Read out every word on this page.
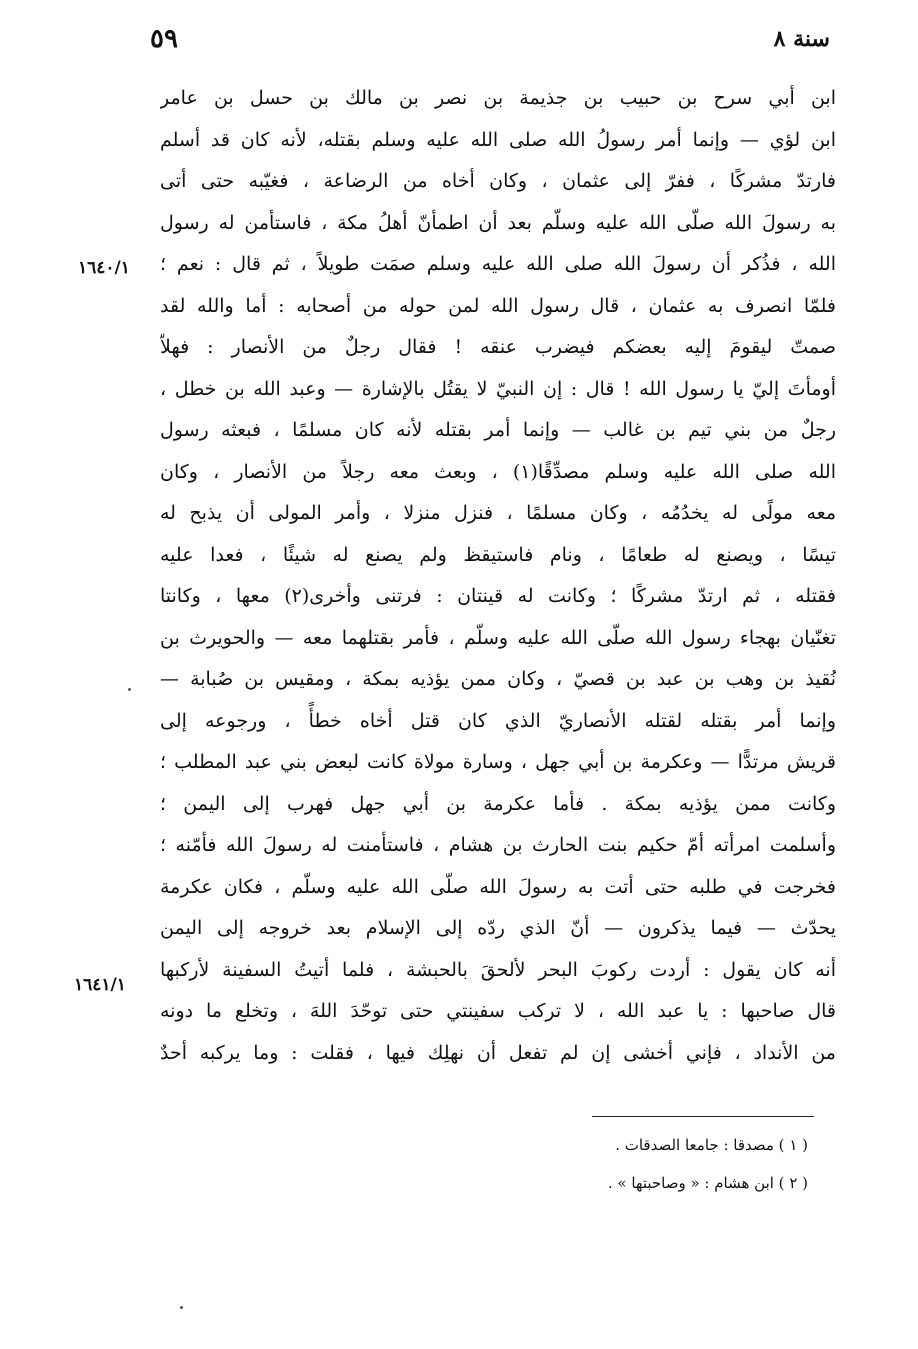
٥٩	سنة ٨
ابن أبي سرح بن حبيب بن جذيمة بن نصر بن مالك بن حسل بن عامر
ابن لؤي — وإنما أمر رسولُ الله صلى الله عليه وسلم بقتله، لأنه كان قد أسلم
فارتدّ مشركًا ، ففرّ إلى عثمان ، وكان أخاه من الرضاعة ، فغيّبه حتى أتى
به رسولَ الله صلّى الله عليه وسلّم بعد أن اطمأنّ أهلُ مكة ، فاستأمن له رسول
الله ، فذُكر أن رسولَ الله صلى الله عليه وسلم صمَت طويلاً ، ثم قال : نعم ؛
فلمّا انصرف به عثمان ، قال رسول الله لمن حوله من أصحابه : أما والله لقد
صمتّ ليقومَ إليه بعضكم فيضرب عنقه ! فقال رجلٌ من الأنصار : فهلاّ
أومأتَ إليّ يا رسول الله ! قال : إن النبيّ لا يقتُل بالإشارة — وعبد الله بن خطل ،
رجلٌ من بني تيم بن غالب — وإنما أمر بقتله لأنه كان مسلمًا ، فبعثه رسول
الله صلى الله عليه وسلم مصدِّقًا(١) ، وبعث معه رجلاً من الأنصار ، وكان
معه مولًى له يخدُمُه ، وكان مسلمًا ، فنزل منزلا ، وأمر المولى أن يذبح له
تيسًا ، ويصنع له طعامًا ، ونام فاستيقظ ولم يصنع له شيئًا ، فعدا عليه
فقتله ، ثم ارتدّ مشركًا ؛ وكانت له قينتان : فرتنى وأخرى(٢) معها ، وكانتا
تغنّيان بهجاء رسول الله صلّى الله عليه وسلّم ، فأمر بقتلهما معه — والحويرث بن
نُقيذ بن وهب بن عبد بن قصيّ ، وكان ممن يؤذيه بمكة ، ومقيس بن صُبابة —
وإنما أمر بقتله لقتله الأنصاريّ الذي كان قتل أخاه خطأً ، ورجوعه إلى
قريش مرتدًّا — وعكرمة بن أبي جهل ، وسارة مولاة كانت لبعض بني عبد المطلب ؛
وكانت ممن يؤذيه بمكة . فأما عكرمة بن أبي جهل فهرب إلى اليمن ؛
وأسلمت امرأته أمّ حكيم بنت الحارث بن هشام ، فاستأمنت له رسولَ الله فأمّنه ؛
فخرجت في طلبه حتى أتت به رسولَ الله صلّى الله عليه وسلّم ، فكان عكرمة
يحدّث — فيما يذكرون — أنّ الذي ردّه إلى الإسلام بعد خروجه إلى اليمن
أنه كان يقول : أردت ركوبَ البحر لألحقَ بالحبشة ، فلما أتيتُ السفينة لأركبها
قال صاحبها : يا عبد الله ، لا تركب سفينتي حتى توحّدَ اللهَ ، وتخلع ما دونه
من الأنداد ، فإني أخشى إن لم تفعل أن نهلِك فيها ، فقلت : وما يركبه أحدٌ
١٦٤٠/١
١٦٤١/١
( ١ ) مصدقا : جامعا الصدقات .
( ٢ ) ابن هشام : « وصاحبتها » .
